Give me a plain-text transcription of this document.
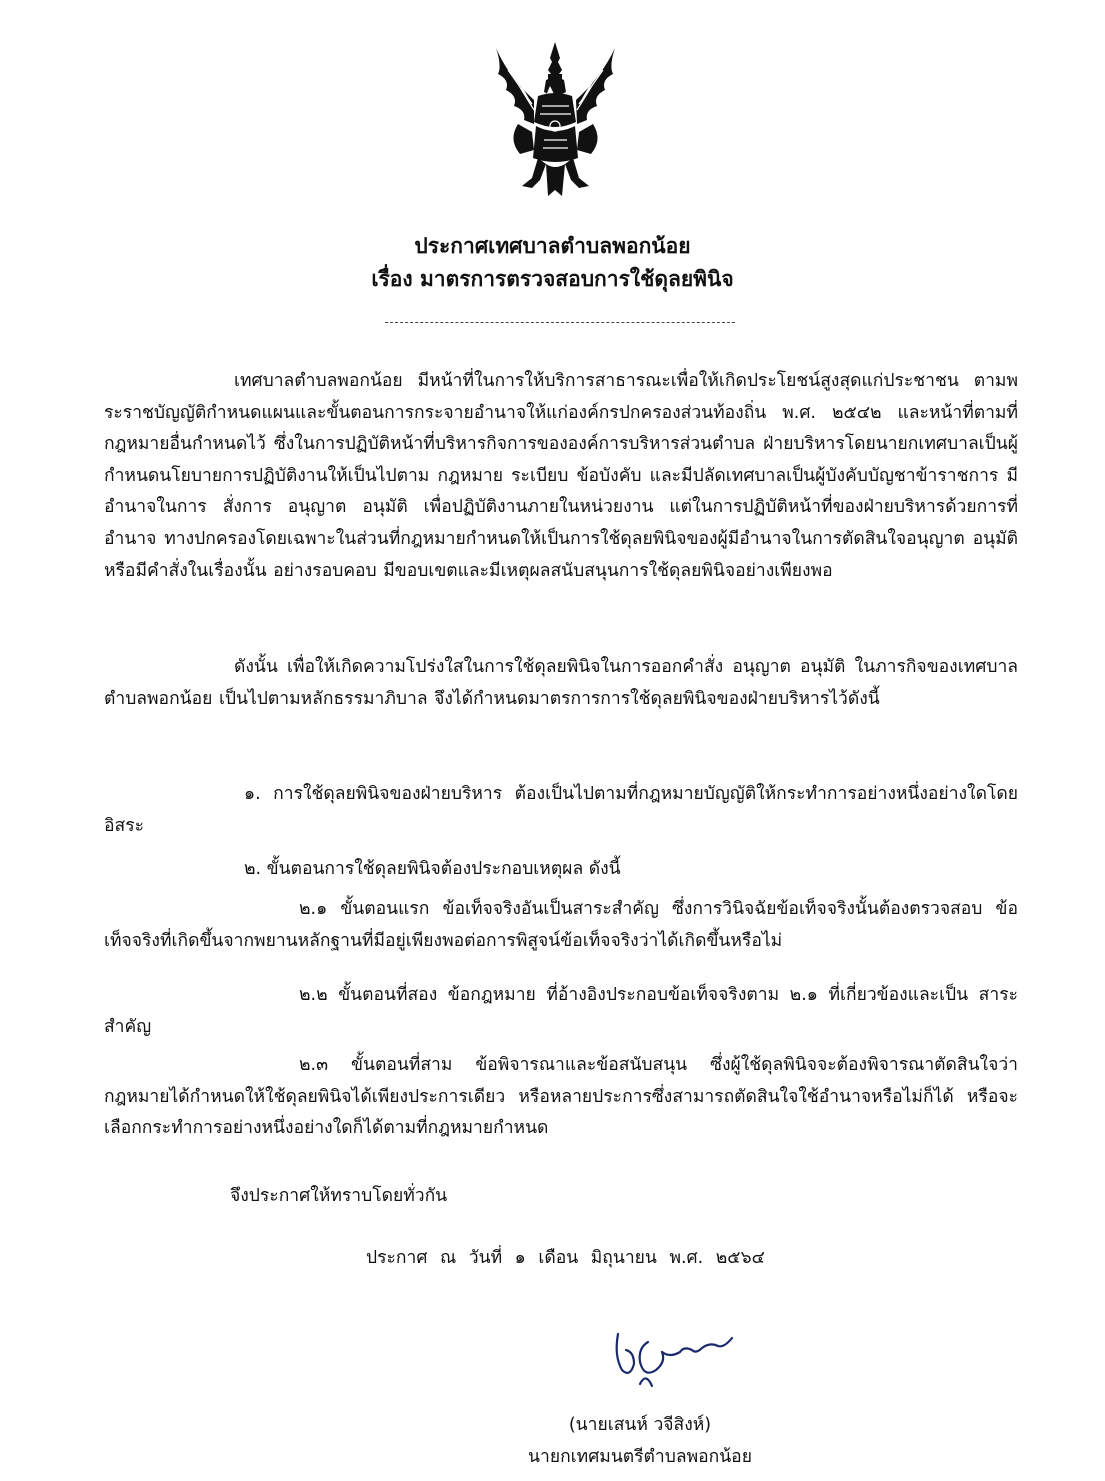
ประกาศเทศบาลตำบลพอกน้อย
เรื่อง มาตรการตรวจสอบการใช้ดุลยพินิจ

เทศบาลตำบลพอกน้อย มีหน้าที่ในการให้บริการสาธารณะเพื่อให้เกิดประโยชน์สูงสุดแก่ประชาชน ตามพระราชบัญญัติกำหนดแผนและขั้นตอนการกระจายอำนาจให้แก่องค์กรปกครองส่วนท้องถิ่น พ.ศ. ๒๕๔๒ และหน้าที่ตามที่กฎหมายอื่นกำหนดไว้ ซึ่งในการปฏิบัติหน้าที่บริหารกิจการขององค์การบริหารส่วนตำบล ฝ่ายบริหารโดยนายกเทศบาลเป็นผู้กำหนดนโยบายการปฏิบัติงานให้เป็นไปตาม กฎหมาย ระเบียบ ข้อบังคับ และมีปลัดเทศบาลเป็นผู้บังคับบัญชาข้าราชการ มีอำนาจในการ สั่งการ อนุญาต อนุมัติ เพื่อปฏิบัติงานภายในหน่วยงาน แต่ในการปฏิบัติหน้าที่ของฝ่ายบริหารด้วยการที่อำนาจ ทางปกครองโดยเฉพาะในส่วนที่กฎหมายกำหนดให้เป็นการใช้ดุลยพินิจของผู้มีอำนาจในการตัดสินใจอนุญาต อนุมัติ หรือมีคำสั่งในเรื่องนั้น อย่างรอบคอบ มีขอบเขตและมีเหตุผลสนับสนุนการใช้ดุลยพินิจอย่างเพียงพอ

ดังนั้น เพื่อให้เกิดความโปร่งใสในการใช้ดุลยพินิจในการออกคำสั่ง อนุญาต อนุมัติ ในภารกิจของเทศบาลตำบลพอกน้อย เป็นไปตามหลักธรรมาภิบาล จึงได้กำหนดมาตรการการใช้ดุลยพินิจของฝ่ายบริหารไว้ดังนี้

๑. การใช้ดุลยพินิจของฝ่ายบริหาร ต้องเป็นไปตามที่กฎหมายบัญญัติให้กระทำการอย่างหนึ่งอย่างใดโดยอิสระ

๒. ขั้นตอนการใช้ดุลยพินิจต้องประกอบเหตุผล ดังนี้

๒.๑ ขั้นตอนแรก ข้อเท็จจริงอันเป็นสาระสำคัญ ซึ่งการวินิจฉัยข้อเท็จจริงนั้นต้องตรวจสอบ ข้อเท็จจริงที่เกิดขึ้นจากพยานหลักฐานที่มีอยู่เพียงพอต่อการพิสูจน์ข้อเท็จจริงว่าได้เกิดขึ้นหรือไม่

๒.๒ ขั้นตอนที่สอง ข้อกฎหมาย ที่อ้างอิงประกอบข้อเท็จจริงตาม ๒.๑ ที่เกี่ยวข้องและเป็น สาระสำคัญ

๒.๓ ขั้นตอนที่สาม ข้อพิจารณาและข้อสนับสนุน ซึ่งผู้ใช้ดุลพินิจจะต้องพิจารณาตัดสินใจว่า กฎหมายได้กำหนดให้ใช้ดุลยพินิจได้เพียงประการเดียว หรือหลายประการซึ่งสามารถตัดสินใจใช้อำนาจหรือไม่ก็ได้ หรือจะเลือกกระทำการอย่างหนึ่งอย่างใดก็ได้ตามที่กฎหมายกำหนด

จึงประกาศให้ทราบโดยทั่วกัน
ประกาศ ณ วันที่ ๑ เดือน มิถุนายน พ.ศ. ๒๕๖๔
(นายเสนห์ วจีสิงห์)
นายกเทศมนตรีตำบลพอกน้อย
